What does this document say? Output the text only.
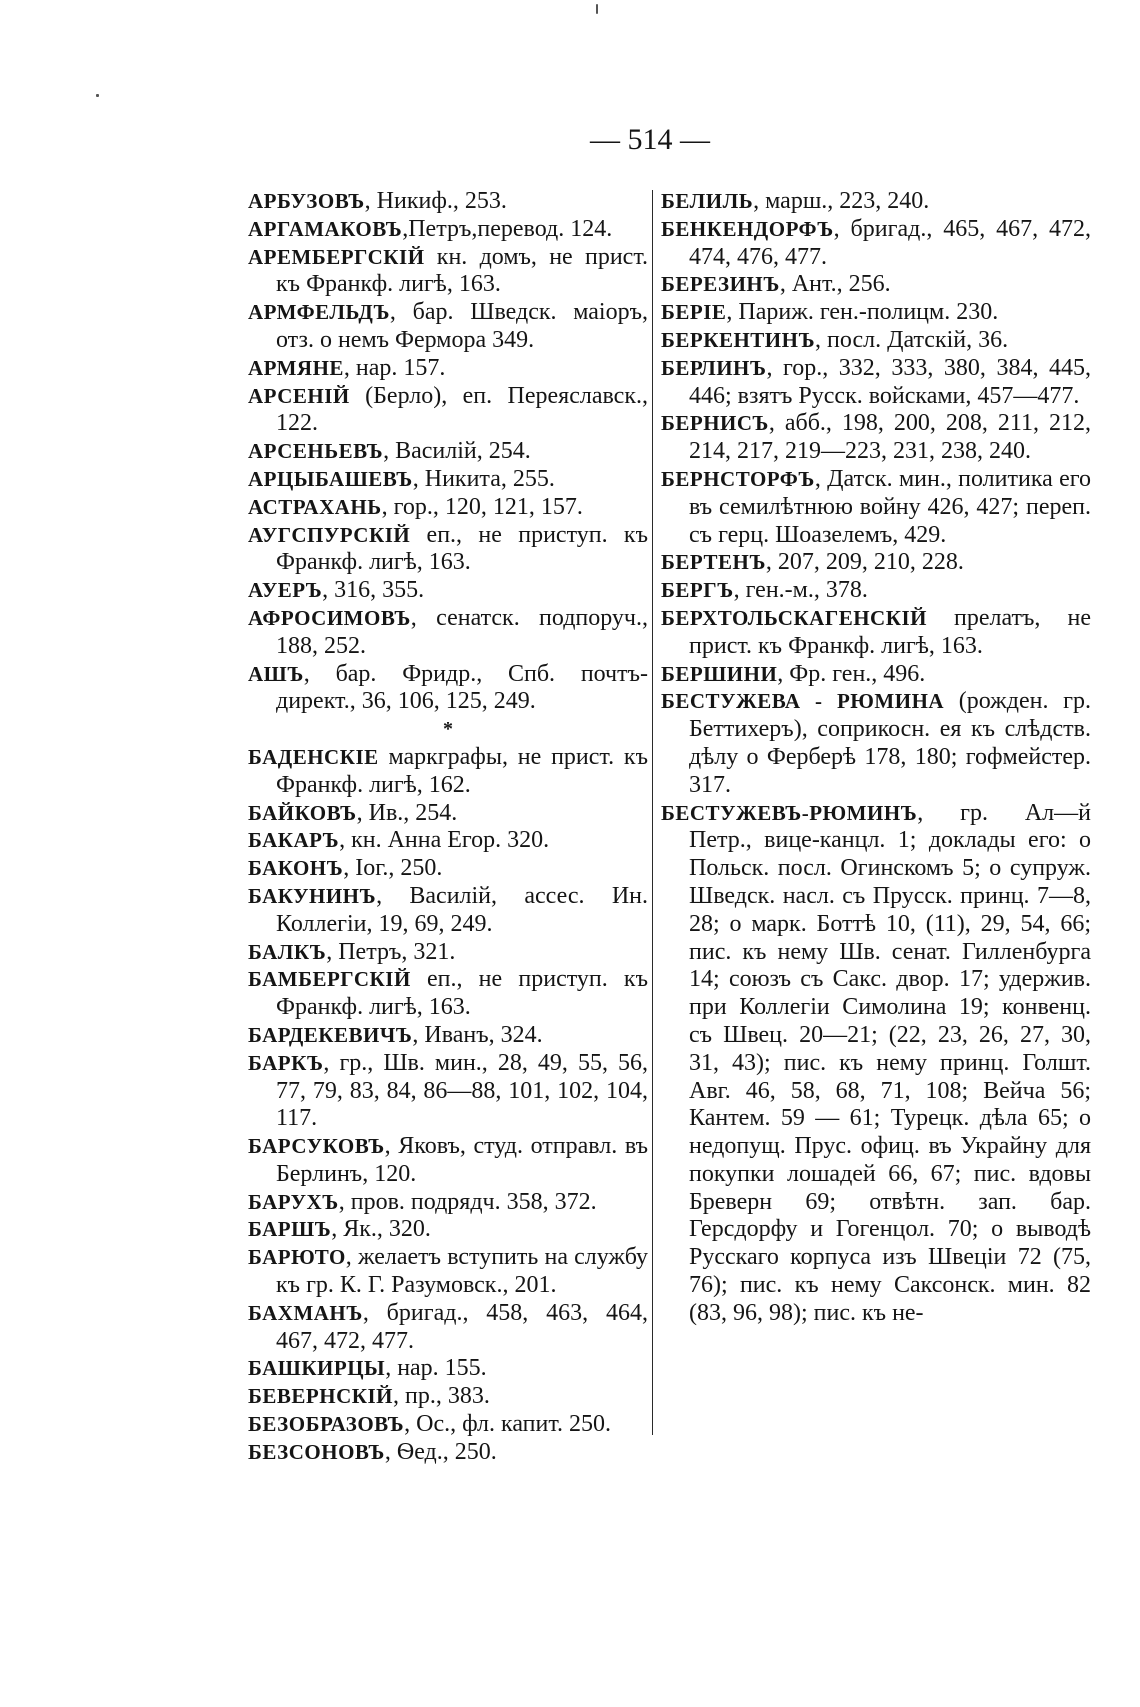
— 514 —
АРБУЗОВЪ, Никиф., 253.
АРГАМАКОВЪ,Петръ,перевод. 124.
АРЕМБЕРГСКІЙ кн. домъ, не прист. къ Франкф. лигѣ, 163.
АРМФЕЛЬДЪ, бар. Шведск. маіоръ, отз. о немъ Фермора 349.
АРМЯНЕ, нар. 157.
АРСЕНІЙ (Берло), еп. Переяславск., 122.
АРСЕНЬЕВЪ, Василій, 254.
АРЦЫБАШЕВЪ, Никита, 255.
АСТРАХАНЬ, гор., 120, 121, 157.
АУГСПУРСКІЙ еп., не приступ. къ Франкф. лигѣ, 163.
АУЕРЪ, 316, 355.
АФРОСИМОВЪ, сенатск. подпоруч., 188, 252.
АШЪ, бар. Фридр., Спб. почтъ-директ., 36, 106, 125, 249.
*
БАДЕНСКІЕ маркграфы, не прист. къ Франкф. лигѣ, 162.
БАЙКОВЪ, Ив., 254.
БАКАРЪ, кн. Анна Егор. 320.
БАКОНЪ, Іог., 250.
БАКУНИНЪ, Василій, ассес. Ин. Коллегіи, 19, 69, 249.
БАЛКЪ, Петръ, 321.
БАМБЕРГСКІЙ еп., не приступ. къ Франкф. лигѣ, 163.
БАРДЕКЕВИЧЪ, Иванъ, 324.
БАРКЪ, гр., Шв. мин., 28, 49, 55, 56, 77, 79, 83, 84, 86—88, 101, 102, 104, 117.
БАРСУКОВЪ, Яковъ, студ. отправл. въ Берлинъ, 120.
БАРУХЪ, пров. подрядч. 358, 372.
БАРШЪ, Як., 320.
БАРЮТО, желаетъ вступить на службу къ гр. К. Г. Разумовск., 201.
БАХМАНЪ, бригад., 458, 463, 464, 467, 472, 477.
БАШКИРЦЫ, нар. 155.
БЕВЕРНСКІЙ, пр., 383.
БЕЗОБРАЗОВЪ, Ос., фл. капит. 250.
БЕЗСОНОВЪ, Ѳед., 250.
БЕЛИЛЬ, марш., 223, 240.
БЕНКЕНДОРФЪ, бригад., 465, 467, 472, 474, 476, 477.
БЕРЕЗИНЪ, Ант., 256.
БЕРІЕ, Париж. ген.-полицм. 230.
БЕРКЕНТИНЪ, посл. Датскій, 36.
БЕРЛИНЪ, гор., 332, 333, 380, 384, 445, 446; взятъ Русск. войсками, 457—477.
БЕРНИСЪ, абб., 198, 200, 208, 211, 212, 214, 217, 219—223, 231, 238, 240.
БЕРНСТОРФЪ, Датск. мин., политика его въ семилѣтнюю войну 426, 427; переп. съ герц. Шоазелемъ, 429.
БЕРТЕНЪ, 207, 209, 210, 228.
БЕРГЪ, ген.-м., 378.
БЕРХТОЛЬСКАГЕНСКІЙ прелатъ, не прист. къ Франкф. лигѣ, 163.
БЕРШИНИ, Фр. ген., 496.
БЕСТУЖЕВА - РЮМИНА (рожден. гр. Беттихеръ), соприкосн. ея къ слѣдств. дѣлу о Ферберѣ 178, 180; гофмейстер. 317.
БЕСТУЖЕВЪ-РЮМИНЪ, гр. Ал—й Петр., вице-канцл. 1; доклады его: о Польск. посл. Огинскомъ 5; о супруж. Шведск. насл. съ Прусск. принц. 7—8, 28; о марк. Боттѣ 10, (11), 29, 54, 66; пис. къ нему Шв. сенат. Гилленбурга 14; союзъ съ Сакс. двор. 17; удержив. при Коллегіи Симолина 19; конвенц. съ Швец. 20—21; (22, 23, 26, 27, 30, 31, 43); пис. къ нему принц. Голшт. Авг. 46, 58, 68, 71, 108; Вейча 56; Кантем. 59 — 61; Турецк. дѣла 65; о недопущ. Прус. офиц. въ Украйну для покупки лошадей 66, 67; пис. вдовы Бреверн 69; отвѣтн. зап. бар. Герсдорфу и Гогенцол. 70; о выводѣ Русскаго корпуса изъ Швеціи 72 (75, 76); пис. къ нему Саксонск. мин. 82 (83, 96, 98); пис. къ не-
